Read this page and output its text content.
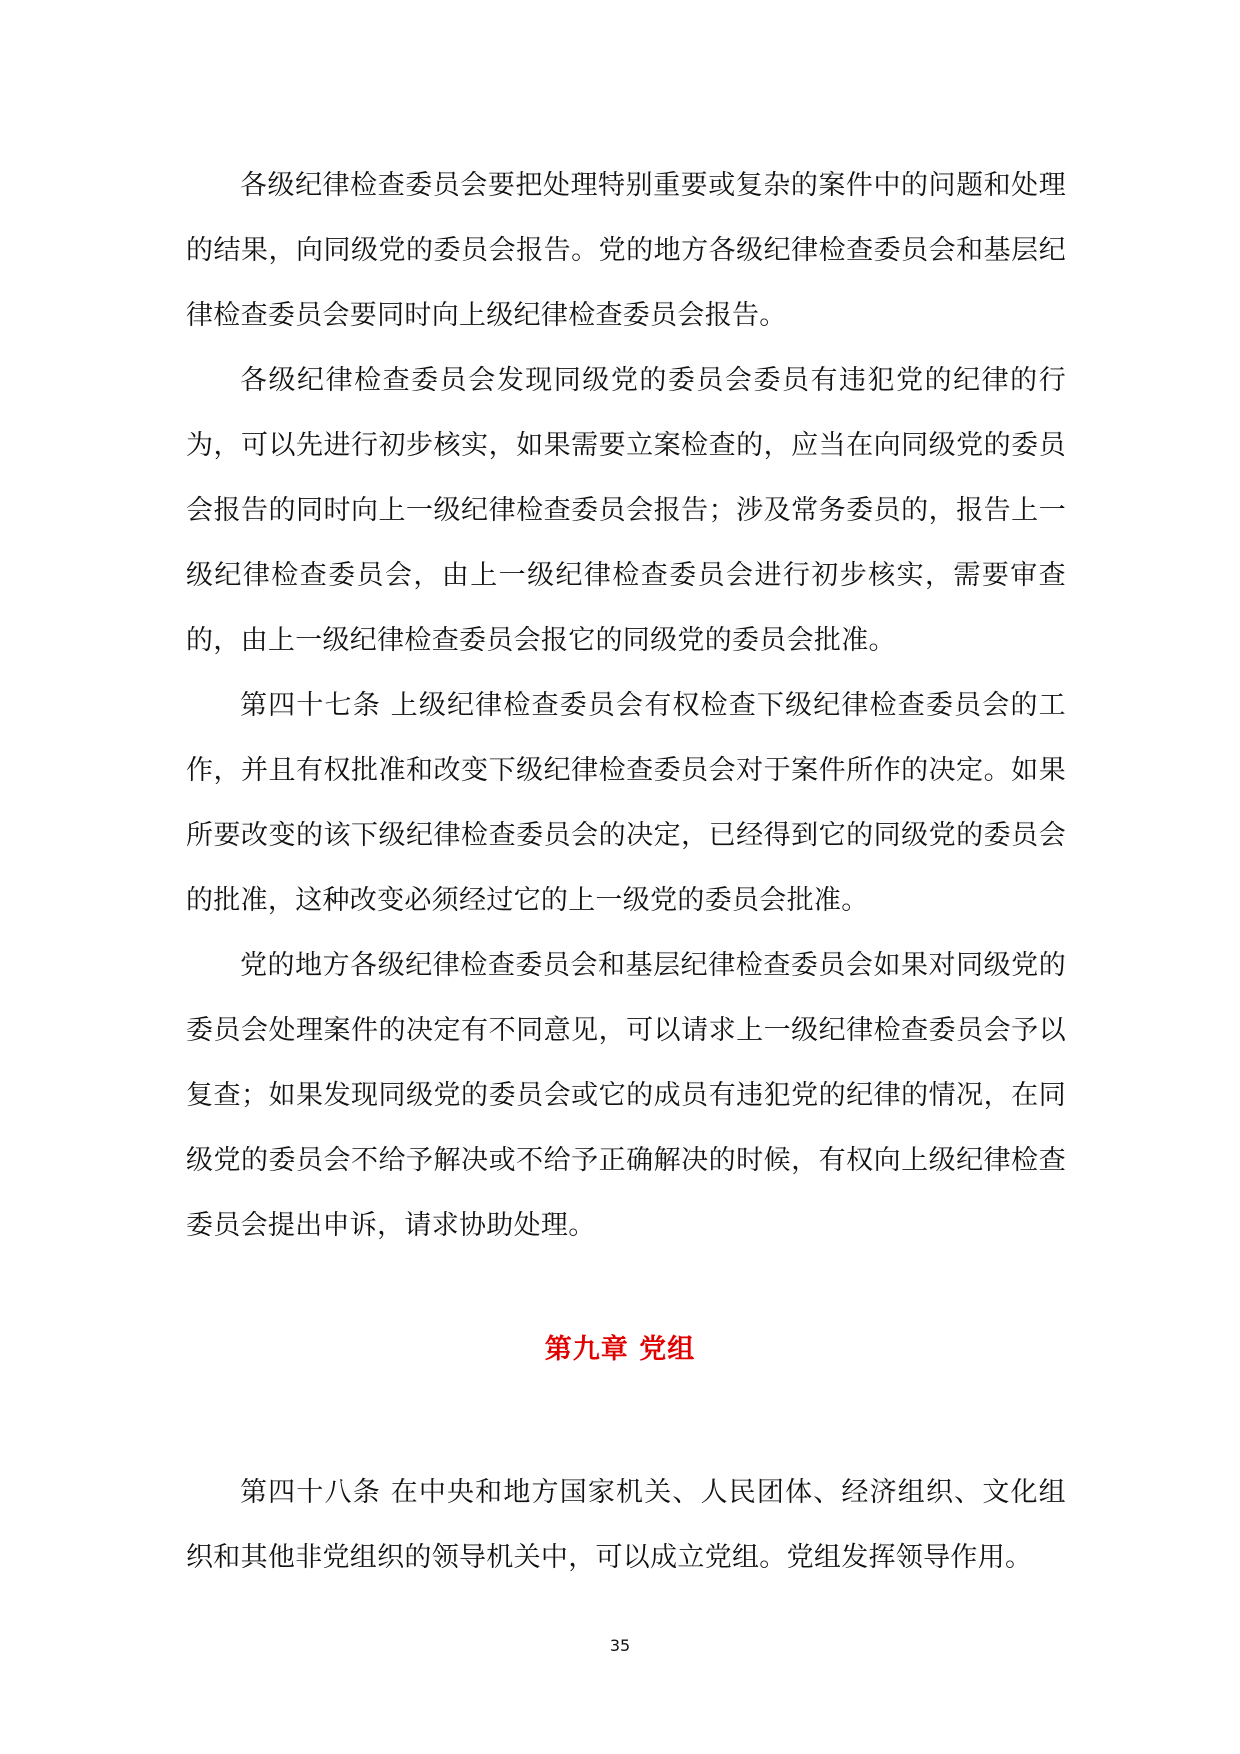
各级纪律检查委员会要把处理特别重要或复杂的案件中的问题和处理的结果，向同级党的委员会报告。党的地方各级纪律检查委员会和基层纪律检查委员会要同时向上级纪律检查委员会报告。

各级纪律检查委员会发现同级党的委员会委员有违犯党的纪律的行为，可以先进行初步核实，如果需要立案检查的，应当在向同级党的委员会报告的同时向上一级纪律检查委员会报告；涉及常务委员的，报告上一级纪律检查委员会，由上一级纪律检查委员会进行初步核实，需要审查的，由上一级纪律检查委员会报它的同级党的委员会批准。

第四十七条 上级纪律检查委员会有权检查下级纪律检查委员会的工作，并且有权批准和改变下级纪律检查委员会对于案件所作的决定。如果所要改变的该下级纪律检查委员会的决定，已经得到它的同级党的委员会的批准，这种改变必须经过它的上一级党的委员会批准。

党的地方各级纪律检查委员会和基层纪律检查委员会如果对同级党的委员会处理案件的决定有不同意见，可以请求上一级纪律检查委员会予以复查；如果发现同级党的委员会或它的成员有违犯党的纪律的情况，在同级党的委员会不给予解决或不给予正确解决的时候，有权向上级纪律检查委员会提出申诉，请求协助处理。

第九章 党组

第四十八条 在中央和地方国家机关、人民团体、经济组织、文化组织和其他非党组织的领导机关中，可以成立党组。党组发挥领导作用。

35
